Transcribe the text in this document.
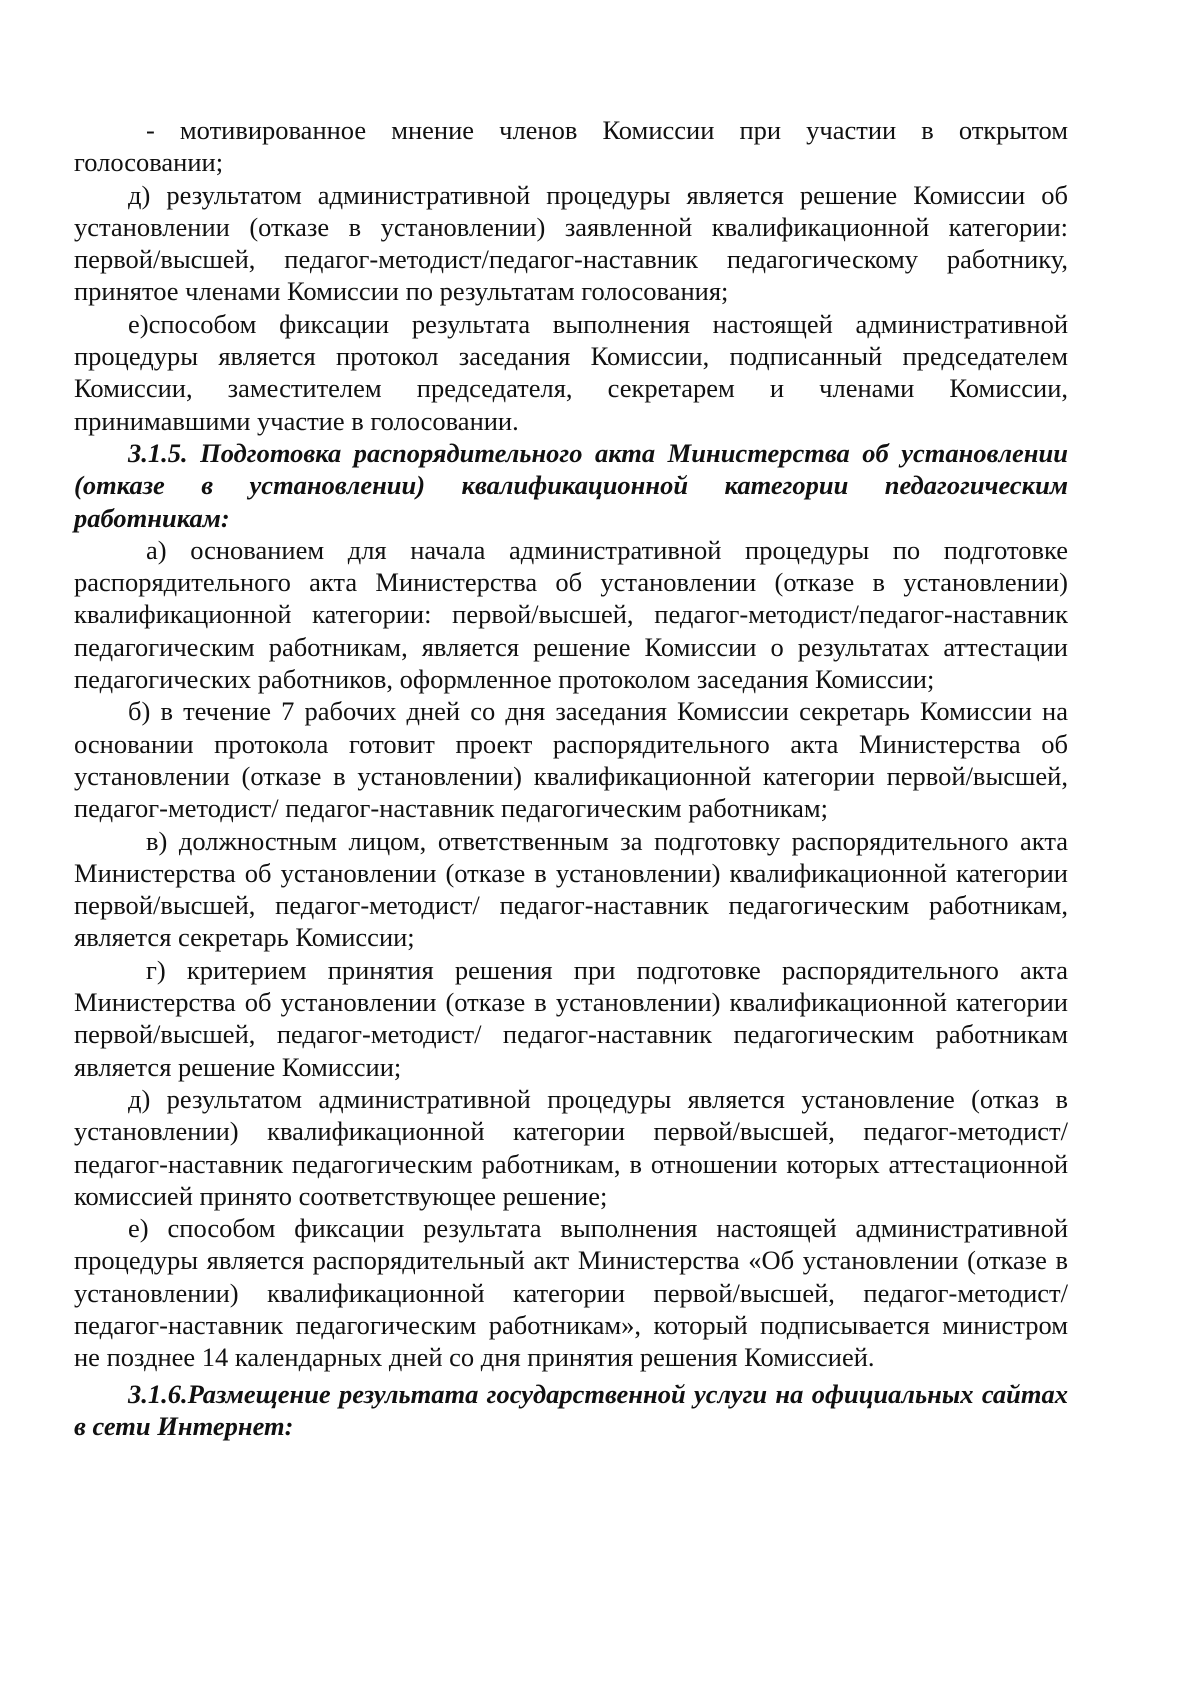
- мотивированное мнение членов Комиссии при участии в открытом голосовании;

д) результатом административной процедуры является решение Комиссии об установлении (отказе в установлении) заявленной квалификационной категории: первой/высшей, педагог-методист/педагог-наставник педагогическому работнику, принятое членами Комиссии по результатам голосования;

е)способом фиксации результата выполнения настоящей административной процедуры является протокол заседания Комиссии, подписанный председателем Комиссии, заместителем председателя, секретарем и членами Комиссии, принимавшими участие в голосовании.

3.1.5. Подготовка распорядительного акта Министерства об установлении (отказе в установлении) квалификационной категории педагогическим работникам:

а) основанием для начала административной процедуры по подготовке распорядительного акта Министерства об установлении (отказе в установлении) квалификационной категории: первой/высшей, педагог-методист/педагог-наставник педагогическим работникам, является решение Комиссии о результатах аттестации педагогических работников, оформленное протоколом заседания Комиссии;

б) в течение 7 рабочих дней со дня заседания Комиссии секретарь Комиссии на основании протокола готовит проект распорядительного акта Министерства об установлении (отказе в установлении) квалификационной категории первой/высшей, педагог-методист/ педагог-наставник педагогическим работникам;

в) должностным лицом, ответственным за подготовку распорядительного акта Министерства об установлении (отказе в установлении) квалификационной категории первой/высшей, педагог-методист/ педагог-наставник педагогическим работникам, является секретарь Комиссии;

г) критерием принятия решения при подготовке распорядительного акта Министерства об установлении (отказе в установлении) квалификационной категории первой/высшей, педагог-методист/ педагог-наставник педагогическим работникам является решение Комиссии;

д) результатом административной процедуры является установление (отказ в установлении) квалификационной категории первой/высшей, педагог-методист/ педагог-наставник педагогическим работникам, в отношении которых аттестационной комиссией принято соответствующее решение;

е) способом фиксации результата выполнения настоящей административной процедуры является распорядительный акт Министерства «Об установлении (отказе в установлении) квалификационной категории первой/высшей, педагог-методист/ педагог-наставник педагогическим работникам», который подписывается министром не позднее 14 календарных дней со дня принятия решения Комиссией.

3.1.6.Размещение результата государственной услуги на официальных сайтах в сети Интернет:
